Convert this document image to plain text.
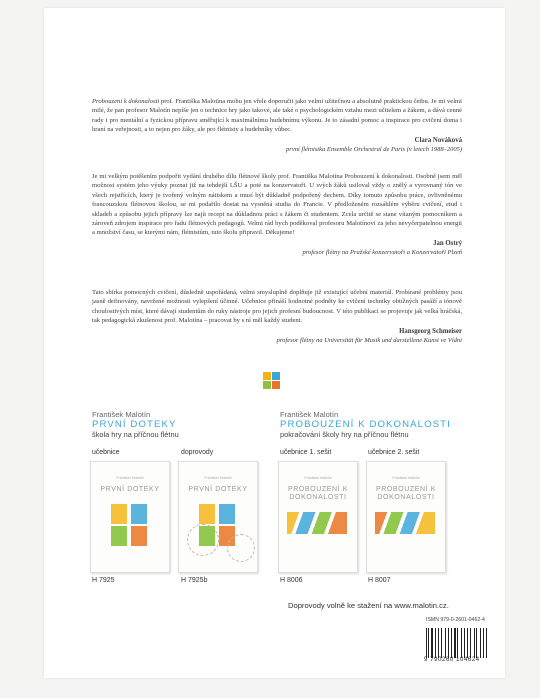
Probouzení k dokonalosti prof. Františka Malotína mohu jen vřele doporučit jako velmi užitečnou a absolutně praktickou četbu. Je mi velmi milé, že pan profesor Malotín nepíše jen o technice hry jako takové, ale také o psychologickém vztahu mezi učitelem a žákem, a dává cenné rady i pro mentální a fyzickou přípravu směřující k maximálnímu hudebnímu výkonu. Je to zásadní pomoc a inspirace pro cvičení doma i hraní na veřejnosti, a to nejen pro žáky, ale pro flétnisty a hudebníky vůbec.
Clara Nováková
první flétnistka Ensemble Orchestral de Paris (v letech 1988–2005)
Je mi velkým potěšením podpořit vydání druhého dílu flétnové školy prof. Františka Malotína Probouzení k dokonalosti. Osobně jsem měl možnost systém jeho výuky poznat již na tehdejší LŠU a poté na konzervatoři. U svých žáků usiloval vždy o znělý a vyrovnaný tón ve všech rejstřících, který je tvořený volným nátiskem a musí být důkladně podpořený dechem. Díky tomuto způsobu práce, ovlivněnému francouzskou flétnovou školou, se mi podařilo dostat na vysněná studia do Francie. V předloženém rozsáhlém výběru cvičení, etud i skladeb a způsobu jejich přípravy lze najít recept na důkladnou práci s žákem či studentem. Zcela určitě se stane vítaným pomocníkem a zároveň zdrojem inspirace pro řadu flétnových pedagogů. Velmi rád bych poděkoval profesoru Malotínovi za jeho nevyčerpatelnou energii a množství času, se kterými nám, flétnistům, tuto školu připravil. Děkujeme!
Jan Ostrý
profesor flétny na Pražské konzervatoři a Konzervatoři Plzeň
Tato sbírka pomocných cvičení, důsledně uspořádaná, velmi smysluplně doplňuje již existující učební materiál. Probírané problémy jsou jasně definovány, navržené možnosti vylepšení účinné. Učebnice přináší hodnotné podněty ke cvičení techniky obtížných pasáží a tónově choulostivých míst, které dávají studentům do ruky nástroje pro jejich profesní budoucnost. V této publikaci se projevuje jak velká hráčská, tak pedagogická zkušenost prof. Malotína – pracovat by s ní měl každý student.
Hansgeorg Schmeiser
profesor flétny na Universität für Musik und darstellene Kunst ve Vídni
František Malotín
PRVNÍ DOTEKY
škola hry na příčnou flétnu
František Malotín
PROBOUZENÍ K DOKONALOSTI
pokračování školy hry na příčnou flétnu
učebnice	doprovody	učebnice 1. sešit	učebnice 2. sešit
František Malotín
PRVNÍ DOTEKY
František Malotín
PRVNÍ DOTEKY
František Malotín
PROBOUZENÍ K DOKONALOSTI
František Malotín
PROBOUZENÍ K DOKONALOSTI
H 7925	H 7925b	H 8006	H 8007
Doprovody volně ke stažení na www.malotin.cz.
ISMN 979-0-2601-0462-4
9 790260 104624
